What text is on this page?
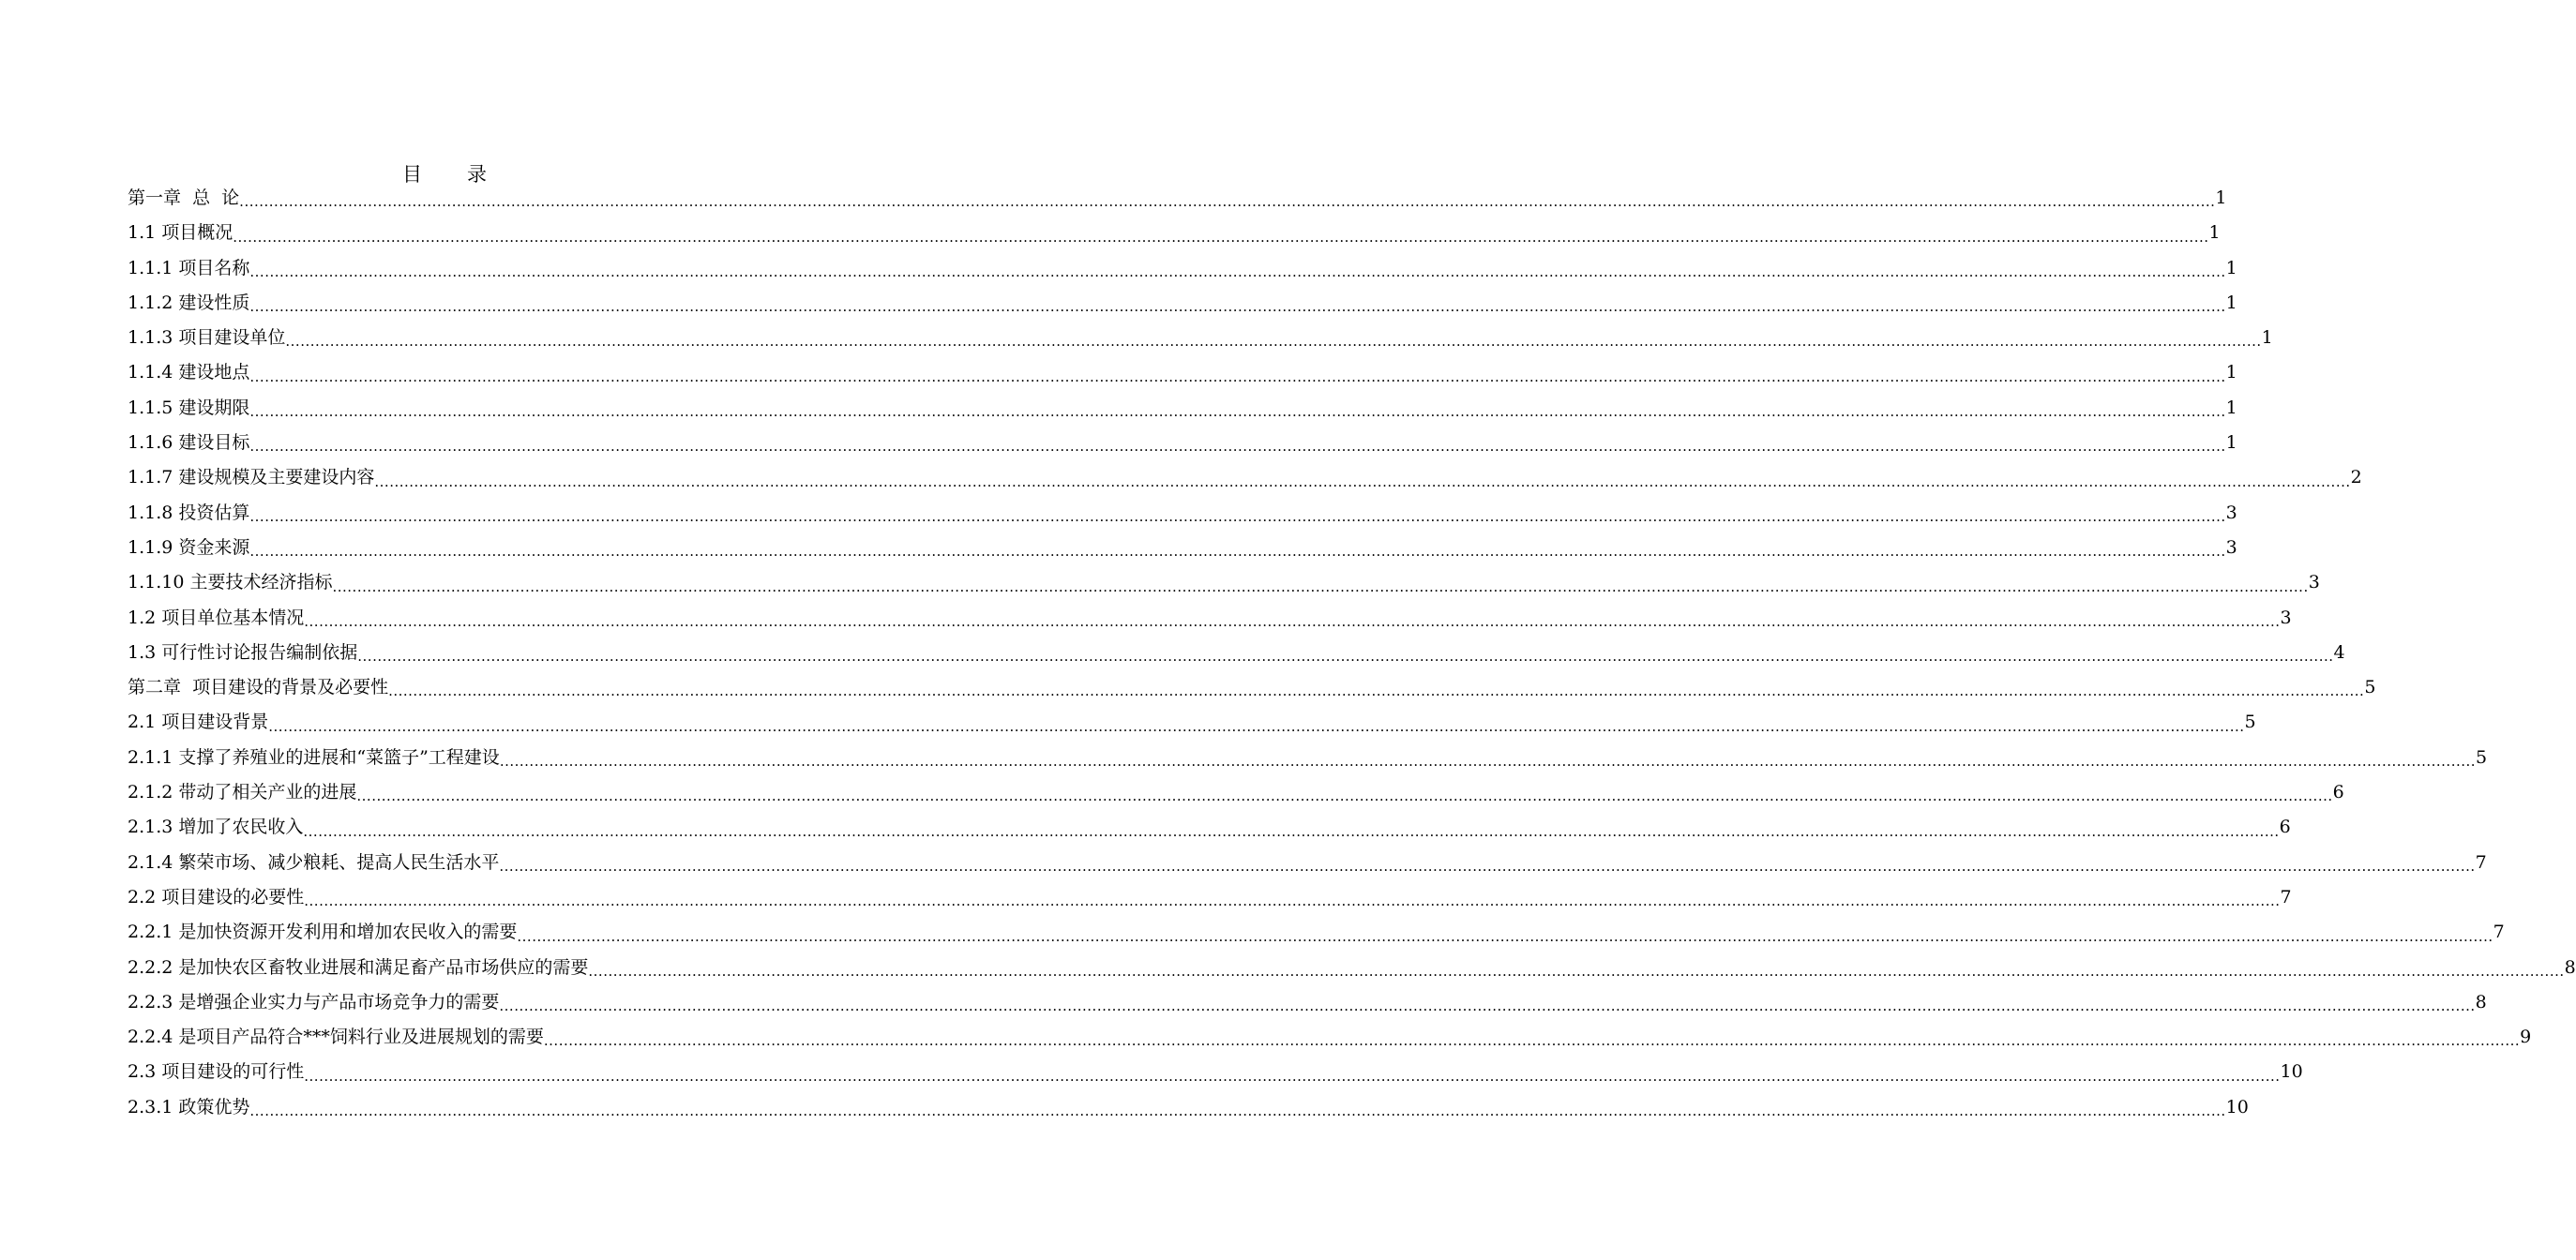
目　　录
第一章  总  论 ................................................................................................................................................................................................................................................................................................................................................................................................................ 1
1.1 项目概况 ................................................................................................................................................................................................................................................................................................................................................................................................................ 1
1.1.1 项目名称 ................................................................................................................................................................................................................................................................................................................................................................................................................ 1
1.1.2 建设性质 ................................................................................................................................................................................................................................................................................................................................................................................................................ 1
1.1.3 项目建设单位 ................................................................................................................................................................................................................................................................................................................................................................................................................ 1
1.1.4 建设地点 ................................................................................................................................................................................................................................................................................................................................................................................................................ 1
1.1.5 建设期限 ................................................................................................................................................................................................................................................................................................................................................................................................................ 1
1.1.6 建设目标 ................................................................................................................................................................................................................................................................................................................................................................................................................ 1
1.1.7 建设规模及主要建设内容 ................................................................................................................................................................................................................................................................................................................................................................................................................ 2
1.1.8 投资估算 ................................................................................................................................................................................................................................................................................................................................................................................................................ 3
1.1.9 资金来源 ................................................................................................................................................................................................................................................................................................................................................................................................................ 3
1.1.10 主要技术经济指标 ................................................................................................................................................................................................................................................................................................................................................................................................................ 3
1.2 项目单位基本情况 ................................................................................................................................................................................................................................................................................................................................................................................................................ 3
1.3 可行性讨论报告编制依据 ................................................................................................................................................................................................................................................................................................................................................................................................................ 4
第二章  项目建设的背景及必要性 ................................................................................................................................................................................................................................................................................................................................................................................................................ 5
2.1 项目建设背景 ................................................................................................................................................................................................................................................................................................................................................................................................................ 5
2.1.1 支撑了养殖业的进展和“菜篮子”工程建设 ................................................................................................................................................................................................................................................................................................................................................................................................................ 5
2.1.2 带动了相关产业的进展 ................................................................................................................................................................................................................................................................................................................................................................................................................ 6
2.1.3 增加了农民收入 ................................................................................................................................................................................................................................................................................................................................................................................................................ 6
2.1.4 繁荣市场、减少粮耗、提高人民生活水平 ................................................................................................................................................................................................................................................................................................................................................................................................................ 7
2.2 项目建设的必要性 ................................................................................................................................................................................................................................................................................................................................................................................................................ 7
2.2.1 是加快资源开发利用和增加农民收入的需要 ................................................................................................................................................................................................................................................................................................................................................................................................................ 7
2.2.2 是加快农区畜牧业进展和满足畜产品市场供应的需要 ................................................................................................................................................................................................................................................................................................................................................................................................................ 8
2.2.3 是增强企业实力与产品市场竞争力的需要 ................................................................................................................................................................................................................................................................................................................................................................................................................ 8
2.2.4 是项目产品符合***饲料行业及进展规划的需要 ................................................................................................................................................................................................................................................................................................................................................................................................................ 9
2.3 项目建设的可行性 ................................................................................................................................................................................................................................................................................................................................................................................................................ 10
2.3.1 政策优势 ................................................................................................................................................................................................................................................................................................................................................................................................................ 10
